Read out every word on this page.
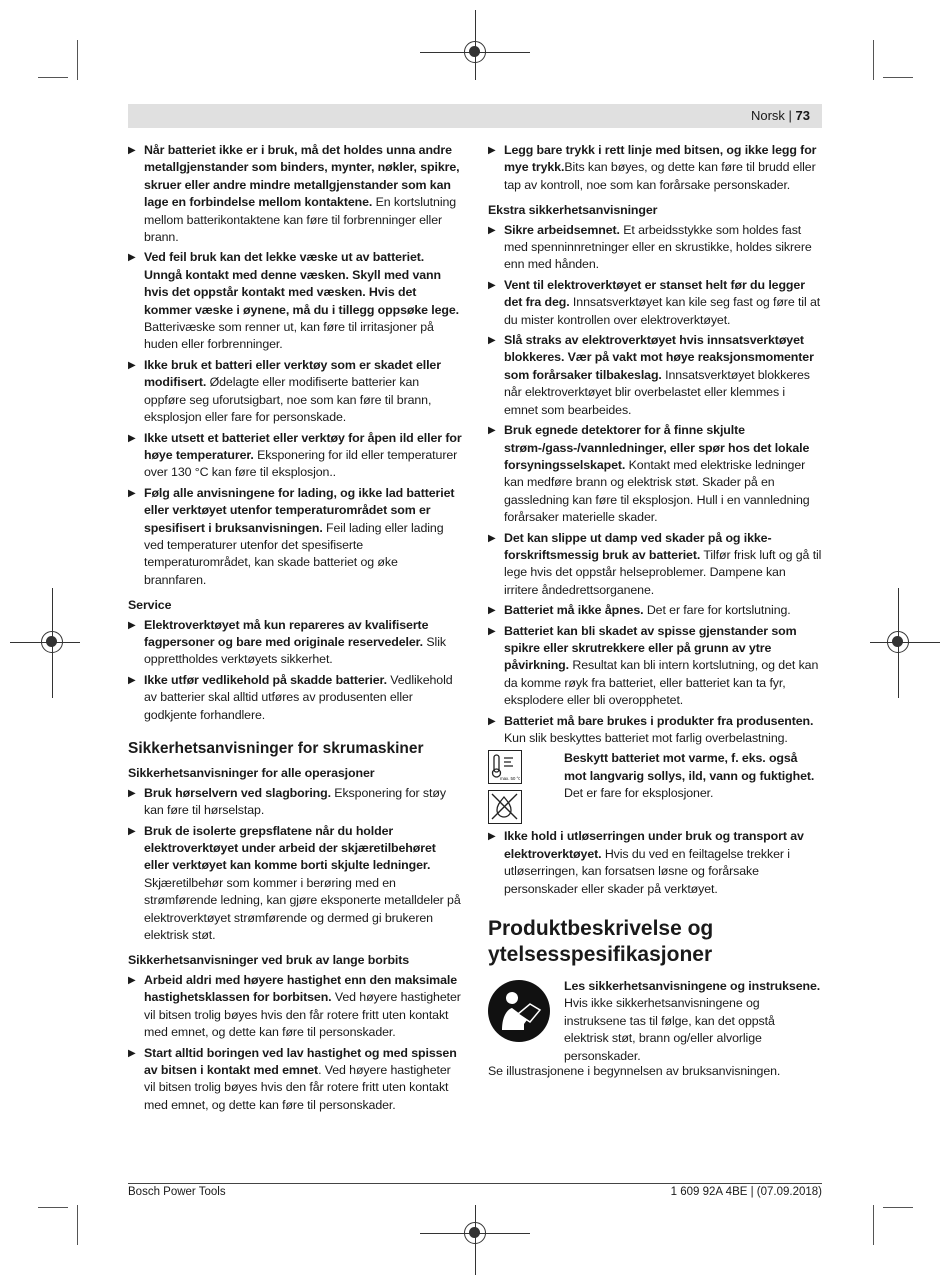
Norsk | 73
▶ Når batteriet ikke er i bruk, må det holdes unna andre metallgjenstander som binders, mynter, nøkler, spikre, skruer eller andre mindre metallgjenstander som kan lage en forbindelse mellom kontaktene. En kortslutning mellom batterikontaktene kan føre til forbrenninger eller brann.
▶ Ved feil bruk kan det lekke væske ut av batteriet. Unngå kontakt med denne væsken. Skyll med vann hvis det oppstår kontakt med væsken. Hvis det kommer væske i øynene, må du i tillegg oppsøke lege. Batterivæske som renner ut, kan føre til irritasjoner på huden eller forbrenninger.
▶ Ikke bruk et batteri eller verktøy som er skadet eller modifisert. Ødelagte eller modifiserte batterier kan oppføre seg uforutsigbart, noe som kan føre til brann, eksplosjon eller fare for personskade.
▶ Ikke utsett et batteriet eller verktøy for åpen ild eller for høye temperaturer. Eksponering for ild eller temperaturer over 130 °C kan føre til eksplosjon..
▶ Følg alle anvisningene for lading, og ikke lad batteriet eller verktøyet utenfor temperaturområdet som er spesifisert i bruksanvisningen. Feil lading eller lading ved temperaturer utenfor det spesifiserte temperaturområdet, kan skade batteriet og øke brannfaren.
Service
▶ Elektroverktøyet må kun repareres av kvalifiserte fagpersoner og bare med originale reservedeler. Slik opprettholdes verktøyets sikkerhet.
▶ Ikke utfør vedlikehold på skadde batterier. Vedlikehold av batterier skal alltid utføres av produsenten eller godkjente forhandlere.
Sikkerhetsanvisninger for skrumaskiner
Sikkerhetsanvisninger for alle operasjoner
▶ Bruk hørselvern ved slagboring. Eksponering for støy kan føre til hørselstap.
▶ Bruk de isolerte grepsflatene når du holder elektroverktøyet under arbeid der skjæretilbehøret eller verktøyet kan komme borti skjulte ledninger. Skjæretilbehør som kommer i berøring med en strømførende ledning, kan gjøre eksponerte metalldeler på elektroverktøyet strømførende og dermed gi brukeren elektrisk støt.
Sikkerhetsanvisninger ved bruk av lange borbits
▶ Arbeid aldri med høyere hastighet enn den maksimale hastighetsklassen for borbitsen. Ved høyere hastigheter vil bitsen trolig bøyes hvis den får rotere fritt uten kontakt med emnet, og dette kan føre til personskader.
▶ Start alltid boringen ved lav hastighet og med spissen av bitsen i kontakt med emnet. Ved høyere hastigheter vil bitsen trolig bøyes hvis den får rotere fritt uten kontakt med emnet, og dette kan føre til personskader.
▶ Legg bare trykk i rett linje med bitsen, og ikke legg for mye trykk.Bits kan bøyes, og dette kan føre til brudd eller tap av kontroll, noe som kan forårsake personskader.
Ekstra sikkerhetsanvisninger
▶ Sikre arbeidsemnet. Et arbeidsstykke som holdes fast med spenninnretninger eller en skrustikke, holdes sikrere enn med hånden.
▶ Vent til elektroverktøyet er stanset helt før du legger det fra deg. Innsatsverktøyet kan kile seg fast og føre til at du mister kontrollen over elektroverktøyet.
▶ Slå straks av elektroverktøyet hvis innsatsverktøyet blokkeres. Vær på vakt mot høye reaksjonsmomenter som forårsaker tilbakeslag. Innsatsverktøyet blokkeres når elektroverktøyet blir overbelastet eller klemmes i emnet som bearbeides.
▶ Bruk egnede detektorer for å finne skjulte strøm-/gass-/vannledninger, eller spør hos det lokale forsyningsselskapet. Kontakt med elektriske ledninger kan medføre brann og elektrisk støt. Skader på en gassledning kan føre til eksplosjon. Hull i en vannledning forårsaker materielle skader.
▶ Det kan slippe ut damp ved skader på og ikke-forskriftsmessig bruk av batteriet. Tilfør frisk luft og gå til lege hvis det oppstår helseproblemer. Dampene kan irritere åndedrettsorganene.
▶ Batteriet må ikke åpnes. Det er fare for kortslutning.
▶ Batteriet kan bli skadet av spisse gjenstander som spikre eller skrutrekkere eller på grunn av ytre påvirkning. Resultat kan bli intern kortslutning, og det kan da komme røyk fra batteriet, eller batteriet kan ta fyr, eksplodere eller bli overopphetet.
▶ Batteriet må bare brukes i produkter fra produsenten. Kun slik beskyttes batteriet mot farlig overbelastning.
max. 50 °C
Beskytt batteriet mot varme, f. eks. også mot langvarig sollys, ild, vann og fuktighet. Det er fare for eksplosjoner.
▶ Ikke hold i utløserringen under bruk og transport av elektroverktøyet. Hvis du ved en feiltagelse trekker i utløserringen, kan forsatsen løsne og forårsake personskader eller skader på verktøyet.
Produktbeskrivelse og ytelsesspesifikasjoner
Les sikkerhetsanvisningene og instruksene. Hvis ikke sikkerhetsanvisningene og instruksene tas til følge, kan det oppstå elektrisk støt, brann og/eller alvorlige personskader.
Se illustrasjonene i begynnelsen av bruksanvisningen.
Bosch Power Tools	1 609 92A 4BE | (07.09.2018)
